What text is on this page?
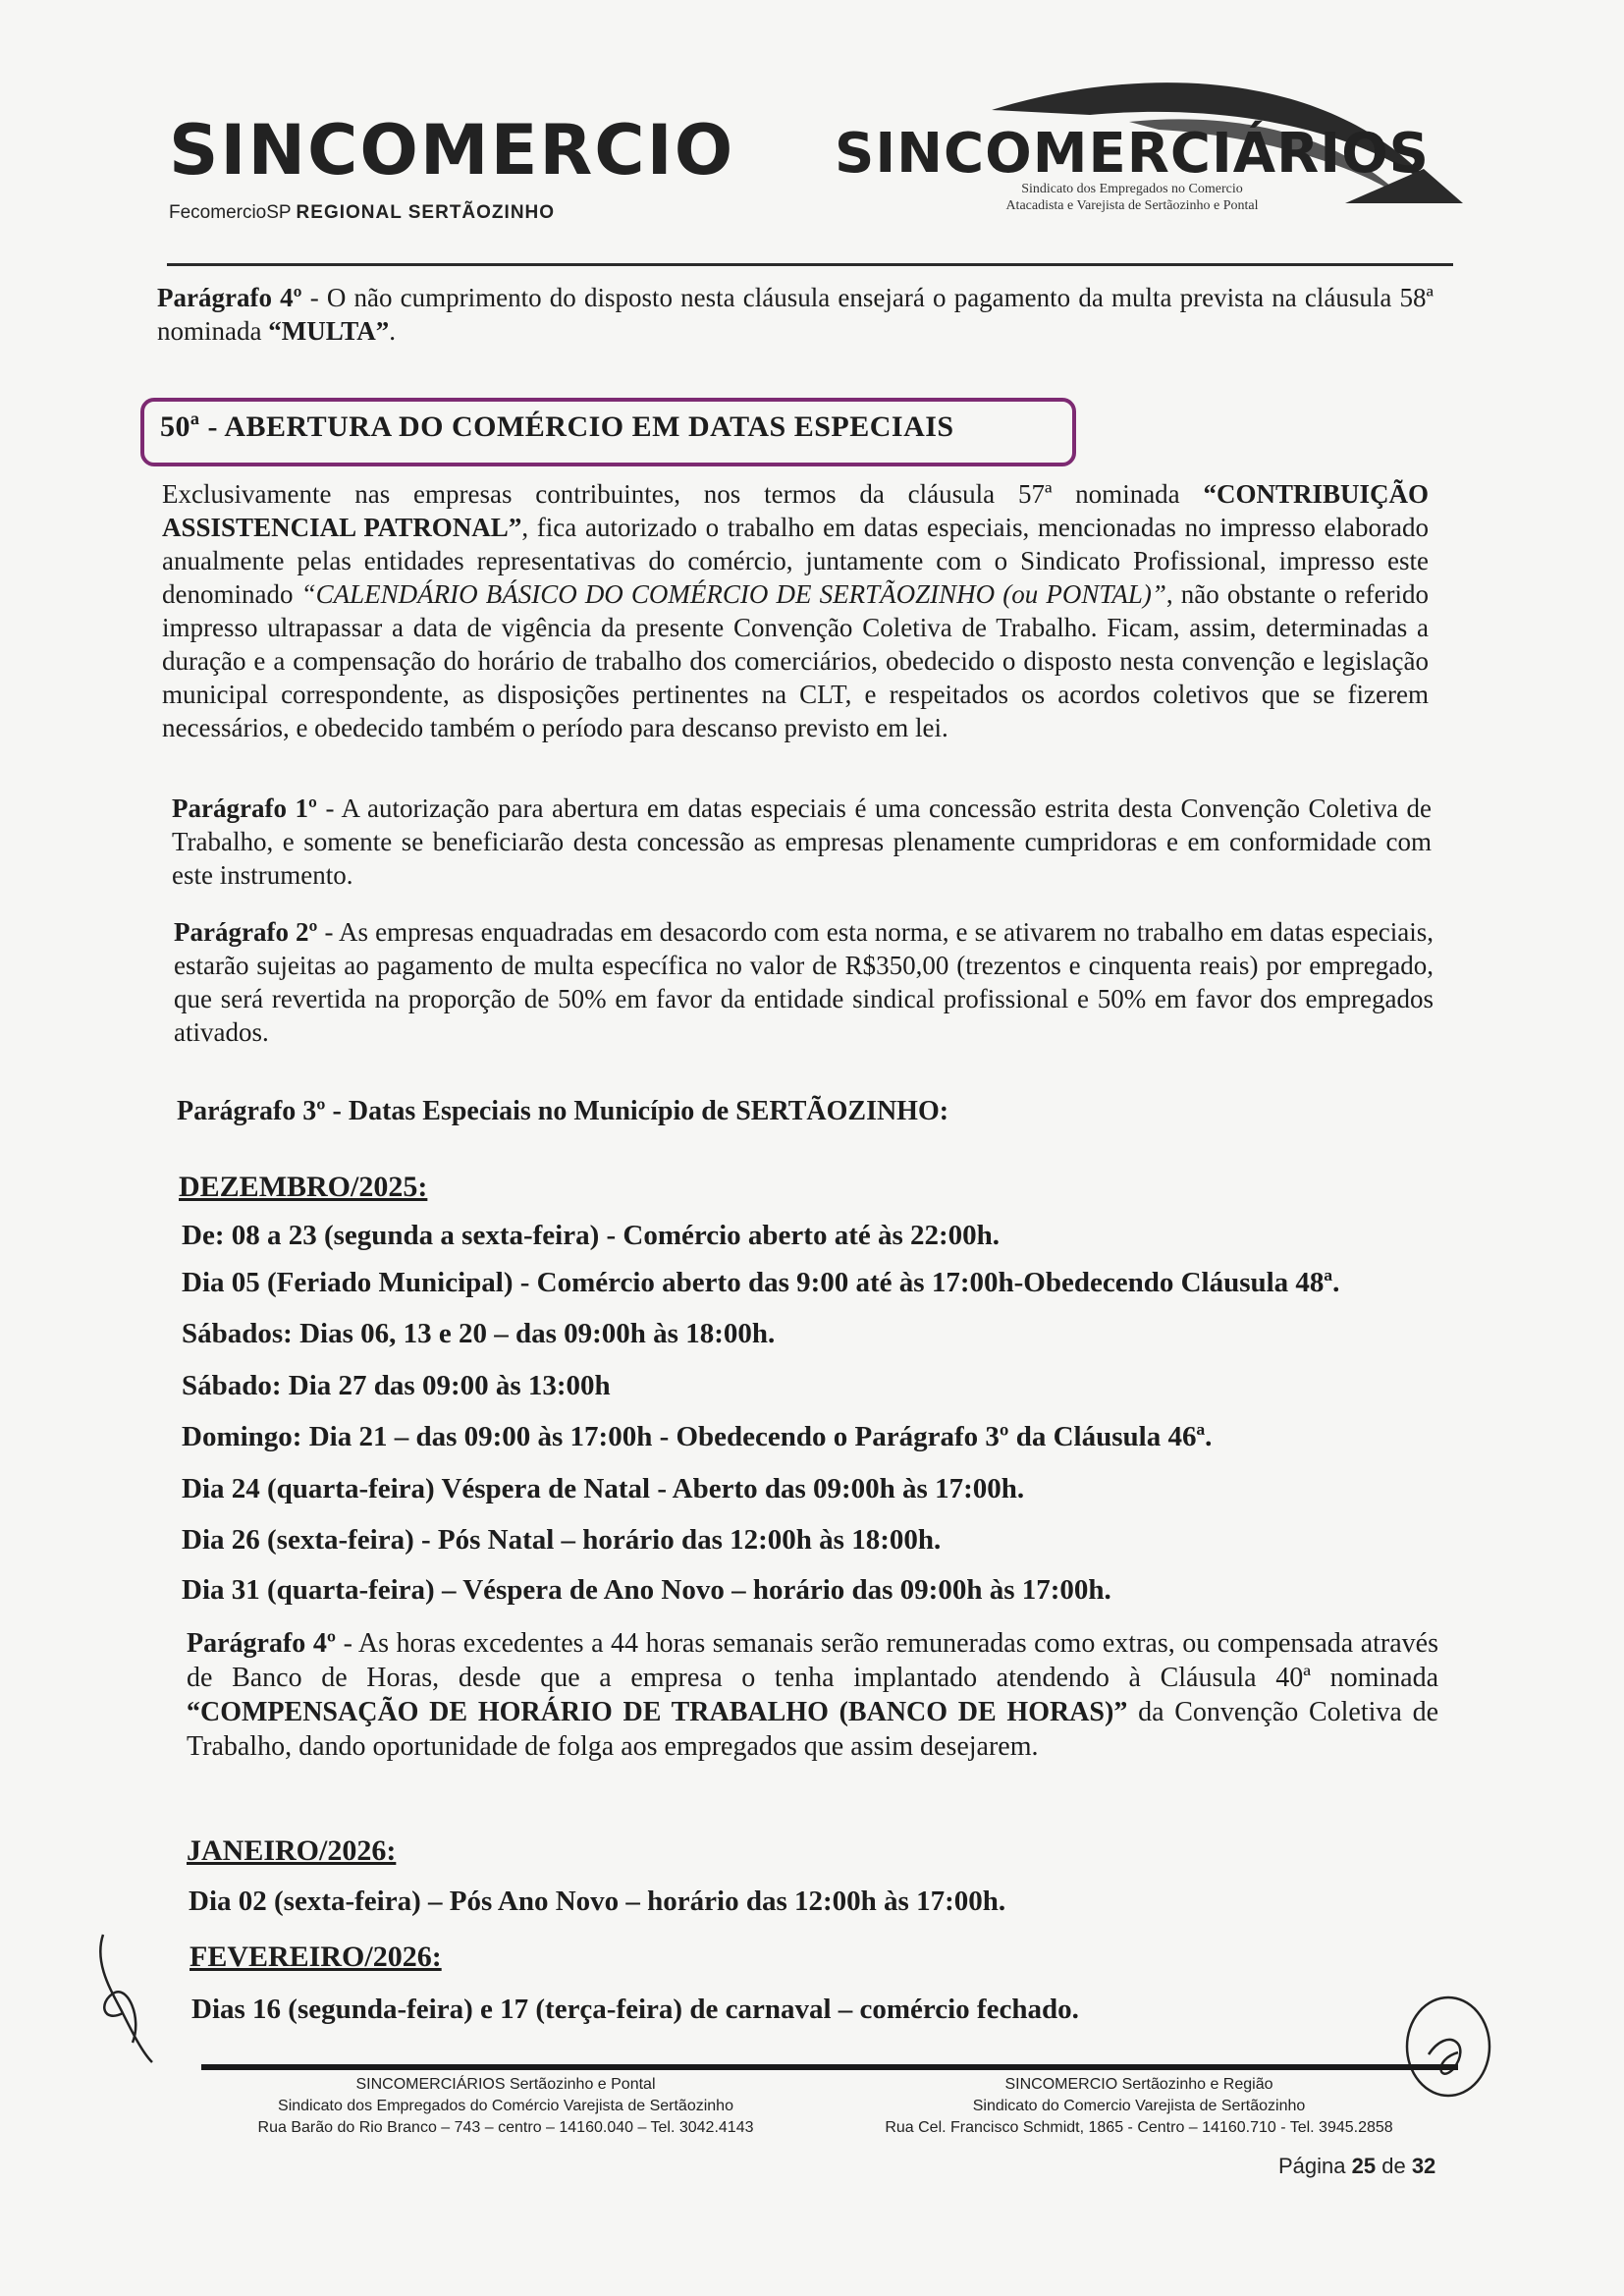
SINCOMERCIO
FecomercioSP REGIONAL SERTÃOZINHO
SINCOMERCIÁRIOS
Sindicato dos Empregados no Comercio
Atacadista e Varejista de Sertãozinho e Pontal
Parágrafo 4º - O não cumprimento do disposto nesta cláusula ensejará o pagamento da multa prevista na cláusula 58ª nominada “MULTA”.
50ª - ABERTURA DO COMÉRCIO EM DATAS ESPECIAIS
Exclusivamente nas empresas contribuintes, nos termos da cláusula 57ª nominada “CONTRIBUIÇÃO ASSISTENCIAL PATRONAL”, fica autorizado o trabalho em datas especiais, mencionadas no impresso elaborado anualmente pelas entidades representativas do comércio, juntamente com o Sindicato Profissional, impresso este denominado “CALENDÁRIO BÁSICO DO COMÉRCIO DE SERTÃOZINHO (ou PONTAL)”, não obstante o referido impresso ultrapassar a data de vigência da presente Convenção Coletiva de Trabalho. Ficam, assim, determinadas a duração e a compensação do horário de trabalho dos comerciários, obedecido o disposto nesta convenção e legislação municipal correspondente, as disposições pertinentes na CLT, e respeitados os acordos coletivos que se fizerem necessários, e obedecido também o período para descanso previsto em lei.
Parágrafo 1º - A autorização para abertura em datas especiais é uma concessão estrita desta Convenção Coletiva de Trabalho, e somente se beneficiarão desta concessão as empresas plenamente cumpridoras e em conformidade com este instrumento.
Parágrafo 2º - As empresas enquadradas em desacordo com esta norma, e se ativarem no trabalho em datas especiais, estarão sujeitas ao pagamento de multa específica no valor de R$350,00 (trezentos e cinquenta reais) por empregado, que será revertida na proporção de 50% em favor da entidade sindical profissional e 50% em favor dos empregados ativados.
Parágrafo 3º - Datas Especiais no Município de SERTÃOZINHO:
DEZEMBRO/2025:
De: 08 a 23 (segunda a sexta-feira) - Comércio aberto até às 22:00h.
Dia 05 (Feriado Municipal) - Comércio aberto das 9:00 até às 17:00h-Obedecendo Cláusula 48ª.
Sábados: Dias 06, 13 e 20 – das 09:00h às 18:00h.
Sábado: Dia 27 das 09:00 às 13:00h
Domingo: Dia 21 – das 09:00 às 17:00h - Obedecendo o Parágrafo 3º da Cláusula 46ª.
Dia 24 (quarta-feira) Véspera de Natal - Aberto das 09:00h às 17:00h.
Dia 26 (sexta-feira) - Pós Natal – horário das 12:00h às 18:00h.
Dia 31 (quarta-feira) – Véspera de Ano Novo – horário das 09:00h às 17:00h.
Parágrafo 4º - As horas excedentes a 44 horas semanais serão remuneradas como extras, ou compensada através de Banco de Horas, desde que a empresa o tenha implantado atendendo à Cláusula 40ª nominada “COMPENSAÇÃO DE HORÁRIO DE TRABALHO (BANCO DE HORAS)” da Convenção Coletiva de Trabalho, dando oportunidade de folga aos empregados que assim desejarem.
JANEIRO/2026:
Dia 02 (sexta-feira) – Pós Ano Novo – horário das 12:00h às 17:00h.
FEVEREIRO/2026:
Dias 16 (segunda-feira) e 17 (terça-feira) de carnaval – comércio fechado.
SINCOMERCIÁRIOS Sertãozinho e Pontal
Sindicato dos Empregados do Comércio Varejista de Sertãozinho
Rua Barão do Rio Branco – 743 – centro – 14160.040 – Tel. 3042.4143
SINCOMERCIO Sertãozinho e Região
Sindicato do Comercio Varejista de Sertãozinho
Rua Cel. Francisco Schmidt, 1865 - Centro – 14160.710 - Tel. 3945.2858
Página 25 de 32
